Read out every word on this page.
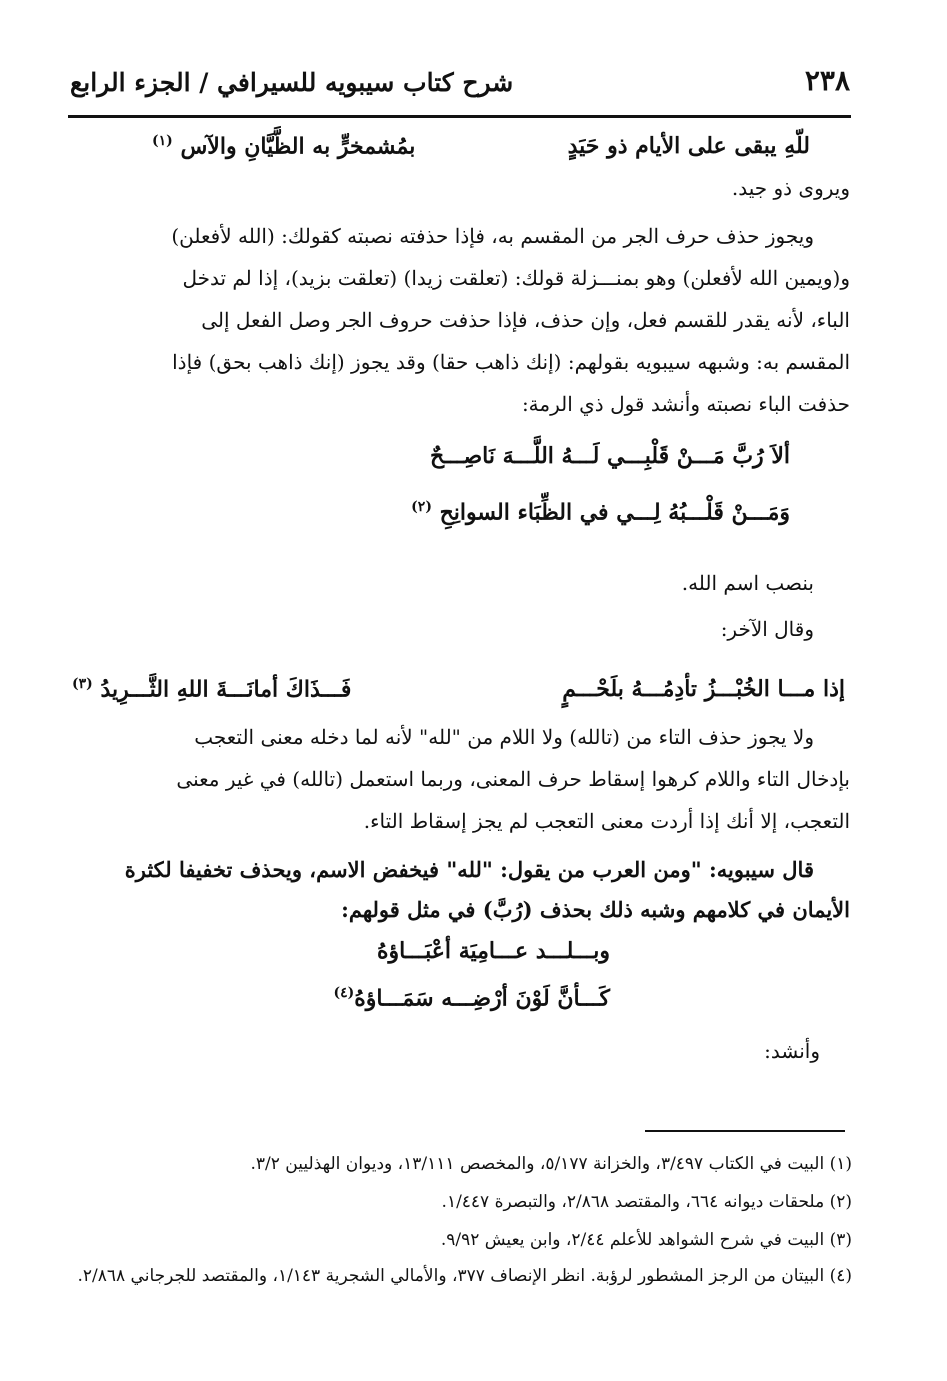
٢٣٨
شرح كتاب سيبويه للسيرافي / الجزء الرابع
للّهِ يبقى على الأيام ذو حَيَدٍ
بمُشمخرٍّ به الظَّيَّانِ والآس $^{(١)}$
ويروى ذو جيد.
ويجوز حذف حرف الجر من المقسم به، فإذا حذفته نصبته كقولك: (الله لأفعلن)
و(ويمين الله لأفعلن) وهو بمنـــزلة قولك: (تعلقت زيدا) (تعلقت بزيد)، إذا لم تدخل
الباء، لأنه يقدر للقسم فعل، وإن حذف، فإذا حذفت حروف الجر وصل الفعل إلى
المقسم به: وشبهه سيبويه بقولهم: (إنك ذاهب حقا) وقد يجوز (إنك ذاهب بحق) فإذا
حذفت الباء نصبته وأنشد قول ذي الرمة:
ألاَ رُبَّ مَـــنْ قَلْبِـــي لَـــهُ اللَّـــهَ نَاصِـــحٌ
وَمَـــنْ قَلْـــبُهُ لِـــي في الظِّبَاء السوانِحِ $^{(٢)}$
بنصب اسم الله.
وقال الآخر:
إذا مـــا الخُبْـــزُ تأدِمُـــهُ بلَحْـــمٍ
فَـــذَاكَ أمانَـــةَ اللهِ الثَّـــرِيدُ $^{(٣)}$
ولا يجوز حذف التاء من (تالله) ولا اللام من "لله" لأنه لما دخله معنى التعجب
بإدخال التاء واللام كرهوا إسقاط حرف المعنى، وربما استعمل (تالله) في غير معنى
التعجب، إلا أنك إذا أردت معنى التعجب لم يجز إسقاط التاء.
قال سيبويه: "ومن العرب من يقول: "لله" فيخفض الاسم، ويحذف تخفيفا لكثرة
الأيمان في كلامهم وشبه ذلك بحذف (رُبَّ) في مثل قولهم:
وبـــلـــد عـــامِيَة أعْبَـــاؤهُ
كَـــأنَّ لَوْنَ أرْضِـــه سَمَـــاؤهُ$^{(٤)}$
وأنشد:

(١) البيت في الكتاب ٣/٤٩٧، والخزانة ٥/١٧٧، والمخصص ١٣/١١١، وديوان الهذليين ٣/٢.

(٢) ملحقات ديوانه ٦٦٤، والمقتصد ٢/٨٦٨، والتبصرة ١/٤٤٧.

(٣) البيت في شرح الشواهد للأعلم ٢/٤٤، وابن يعيش ٩/٩٢.

(٤) البيتان من الرجز المشطور لرؤبة. انظر الإنصاف ٣٧٧، والأمالي الشجرية ١/١٤٣، والمقتصد للجرجاني ٢/٨٦٨.
